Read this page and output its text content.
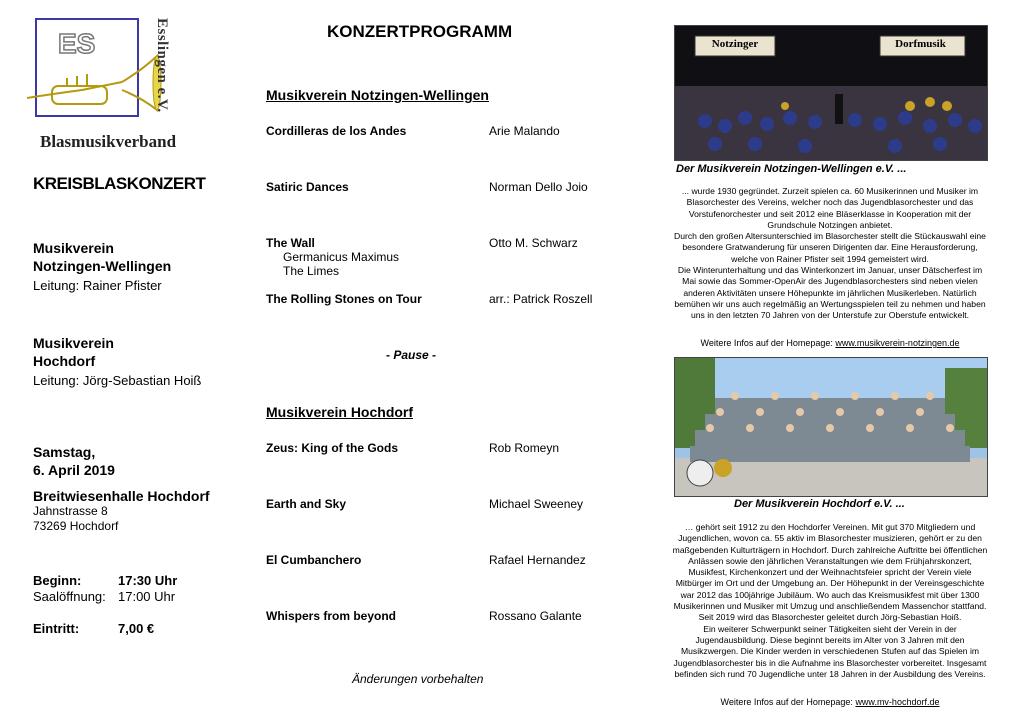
ES	Esslingen e.V.
Blasmusikverband
KREISBLASKONZERT
Musikverein
Notzingen-Wellingen
Leitung: Rainer Pfister
Musikverein
Hochdorf
Leitung: Jörg-Sebastian Hoiß
Samstag,
6. April 2019
Breitwiesenhalle Hochdorf
Jahnstrasse 8
73269 Hochdorf
Beginn:	17:30 Uhr
Saalöffnung: 17:00 Uhr
Eintritt:	7,00 €
KONZERTPROGRAMM
Musikverein Notzingen-Wellingen
Cordilleras de los Andes	Arie Malando
Satiric Dances	Norman Dello Joio
The Wall	Otto M. Schwarz
Germanicus Maximus
The Limes
The Rolling Stones on Tour	arr.: Patrick Roszell
- Pause -
Musikverein Hochdorf
Zeus: King of the Gods	Rob Romeyn
Earth and Sky	Michael Sweeney
El Cumbanchero	Rafael Hernandez
Whispers from beyond	Rossano Galante
Änderungen vorbehalten
Notzinger	Dorfmusik
Der Musikverein Notzingen-Wellingen e.V. ...
... wurde 1930 gegründet. Zurzeit spielen ca. 60 Musikerinnen und Musiker im
Blasorchester des Vereins, welcher noch das Jugendblasorchester und das
Vorstufenorchester und seit 2012 eine Bläserklasse in Kooperation mit der
Grundschule Notzingen anbietet.
Durch den großen Altersunterschied im Blasorchester stellt die Stückauswahl eine
besondere Gratwanderung für unseren Dirigenten dar. Eine Herausforderung,
welche von Rainer Pfister seit 1994 gemeistert wird.
Die Winterunterhaltung und das Winterkonzert im Januar, unser Dätscherfest im
Mai sowie das Sommer-OpenAir des Jugendblasorchesters sind neben vielen
anderen Aktivitäten unsere Höhepunkte im jährlichen Musikerleben. Natürlich
bemühen wir uns auch regelmäßig an Wertungsspielen teil zu nehmen und haben
uns in den letzten 70 Jahren von der Unterstufe zur Oberstufe entwickelt.
Weitere Infos auf der Homepage: www.musikverein-notzingen.de
Der Musikverein Hochdorf e.V. ...
… gehört seit 1912 zu den Hochdorfer Vereinen. Mit gut 370 Mitgliedern und
Jugendlichen, wovon ca. 55 aktiv im Blasorchester musizieren, gehört er zu den
maßgebenden Kulturträgern in Hochdorf. Durch zahlreiche Auftritte bei öffentlichen
Anlässen sowie den jährlichen Veranstaltungen wie dem Frühjahrskonzert,
Musikfest, Kirchenkonzert und der Weihnachtsfeier spricht der Verein viele
Mitbürger im Ort und der Umgebung an. Der Höhepunkt in der Vereinsgeschichte
war 2012 das 100jährige Jubiläum. Wo auch das Kreismusikfest mit über 1300
Musikerinnen und Musiker mit Umzug und anschließendem Massenchor stattfand.
Seit 2019 wird das Blasorchester geleitet durch Jörg-Sebastian Hoiß.
Ein weiterer Schwerpunkt seiner Tätigkeiten sieht der Verein in der
Jugendausbildung. Diese beginnt bereits im Alter von 3 Jahren mit den
Musikzwergen. Die Kinder werden in verschiedenen Stufen auf das Spielen im
Jugendblasorchester bis in die Aufnahme ins Blasorchester vorbereitet. Insgesamt
befinden sich rund 70 Jugendliche unter 18 Jahren in der Ausbildung des Vereins.
Weitere Infos auf der Homepage: www.mv-hochdorf.de
